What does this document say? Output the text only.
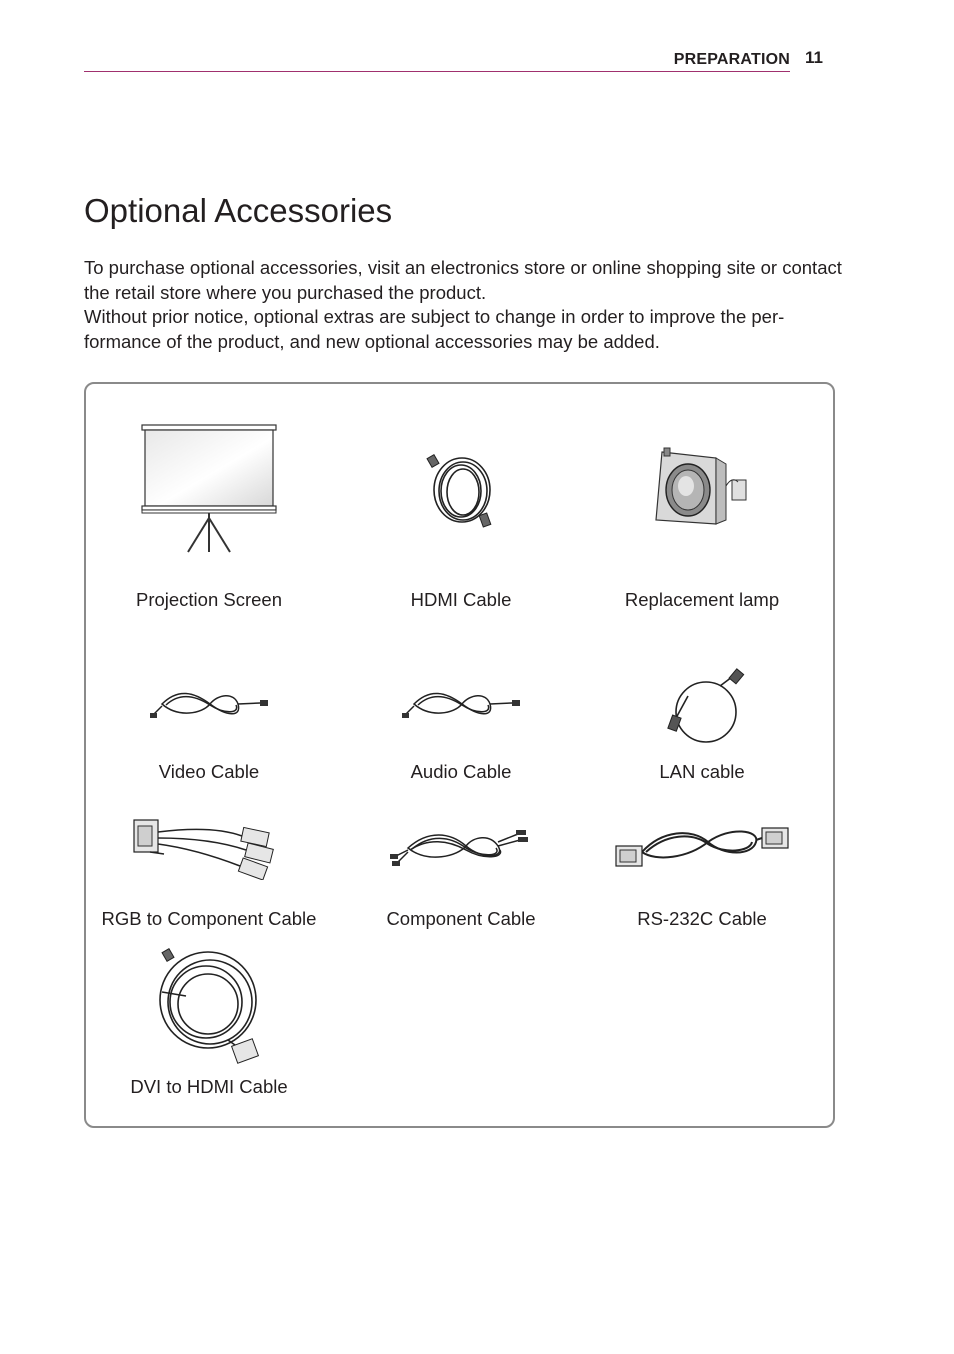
PREPARATION 11
Optional Accessories

To purchase optional accessories, visit an electronics store or online shopping site or contact the retail store where you purchased the product.

Without prior notice, optional extras are subject to change in order to improve the per-formance of the product, and new optional accessories may be added.

Projection Screen	HDMI Cable	Replacement lamp
Video Cable	Audio Cable	LAN cable
RGB to Component Cable	Component Cable	RS-232C Cable
DVI to HDMI Cable
